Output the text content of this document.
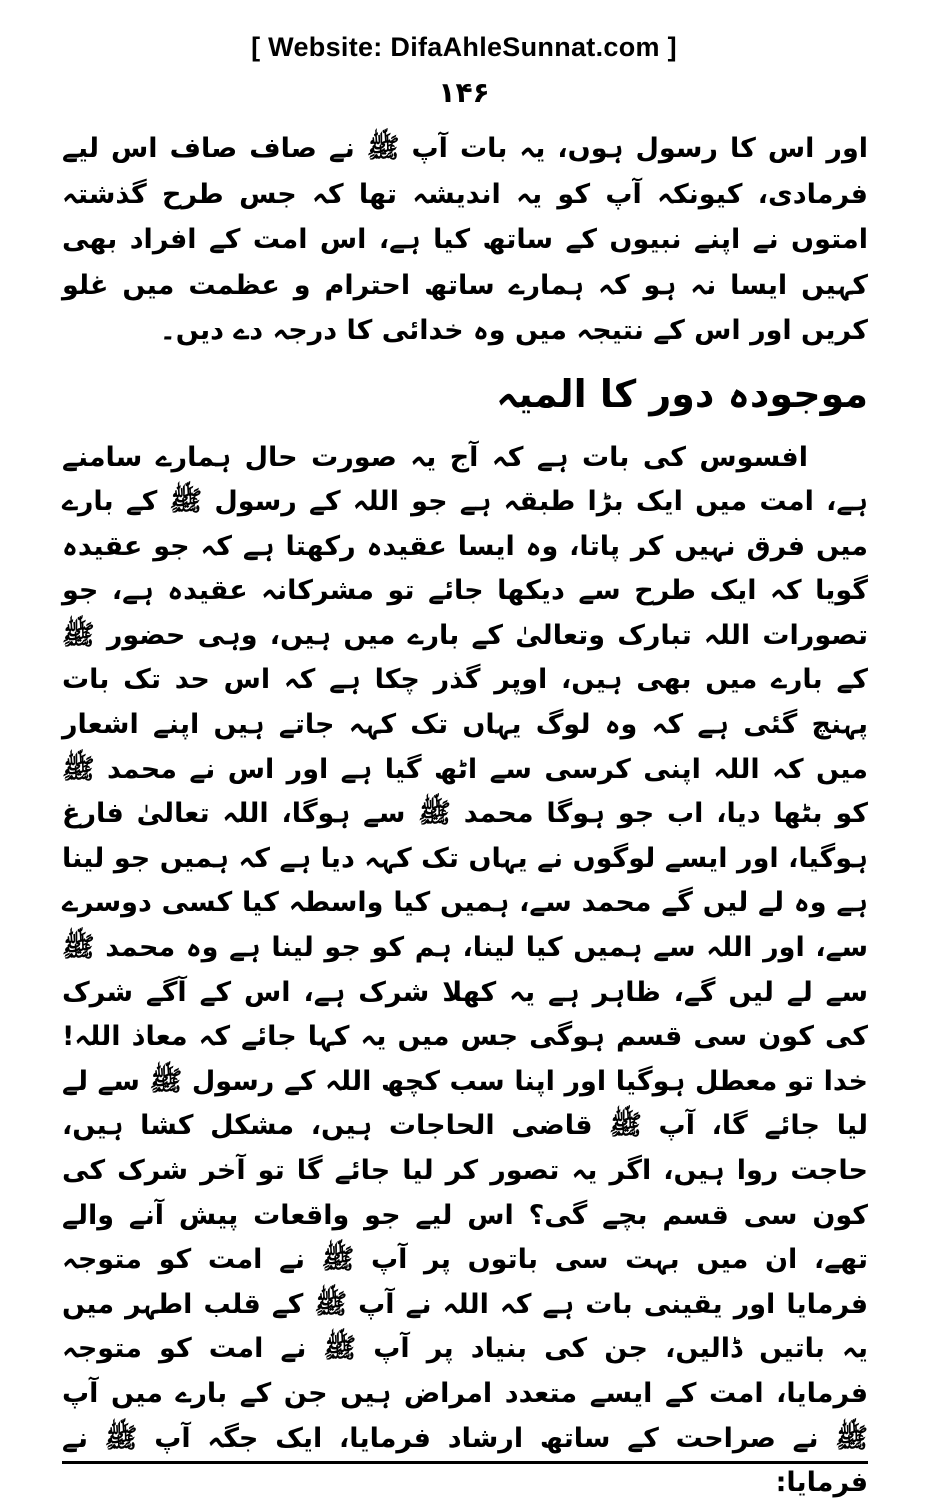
[ Website: DifaAhleSunnat.com ]
۱۴۶

اور اس کا رسول ہوں، یہ بات آپ ﷺ نے صاف صاف اس لیے فرمادی، کیونکہ آپ کو یہ اندیشہ تھا کہ جس طرح گذشتہ امتوں نے اپنے نبیوں کے ساتھ کیا ہے، اس امت کے افراد بھی کہیں ایسا نہ ہو کہ ہمارے ساتھ احترام و عظمت میں غلو کریں اور اس کے نتیجہ میں وہ خدائی کا درجہ دے دیں۔

موجودہ دور کا المیہ

افسوس کی بات ہے کہ آج یہ صورت حال ہمارے سامنے ہے، امت میں ایک بڑا طبقہ ہے جو اللہ کے رسول ﷺ کے بارے میں فرق نہیں کر پاتا، وہ ایسا عقیدہ رکھتا ہے کہ جو عقیدہ گویا کہ ایک طرح سے دیکھا جائے تو مشرکانہ عقیدہ ہے، جو تصورات اللہ تبارک وتعالیٰ کے بارے میں ہیں، وہی حضور ﷺ کے بارے میں بھی ہیں، اوپر گذر چکا ہے کہ اس حد تک بات پہنچ گئی ہے کہ وہ لوگ یہاں تک کہہ جاتے ہیں اپنے اشعار میں کہ اللہ اپنی کرسی سے اٹھ گیا ہے اور اس نے محمد ﷺ کو بٹھا دیا، اب جو ہوگا محمد ﷺ سے ہوگا، اللہ تعالیٰ فارغ ہوگیا، اور ایسے لوگوں نے یہاں تک کہہ دیا ہے کہ ہمیں جو لینا ہے وہ لے لیں گے محمد سے، ہمیں کیا واسطہ کیا کسی دوسرے سے، اور اللہ سے ہمیں کیا لینا، ہم کو جو لینا ہے وہ محمد ﷺ سے لے لیں گے، ظاہر ہے یہ کھلا شرک ہے، اس کے آگے شرک کی کون سی قسم ہوگی جس میں یہ کہا جائے کہ معاذ اللہ! خدا تو معطل ہوگیا اور اپنا سب کچھ اللہ کے رسول ﷺ سے لے لیا جائے گا، آپ ﷺ قاضی الحاجات ہیں، مشکل کشا ہیں، حاجت روا ہیں، اگر یہ تصور کر لیا جائے گا تو آخر شرک کی کون سی قسم بچے گی؟ اس لیے جو واقعات پیش آنے والے تھے، ان میں بہت سی باتوں پر آپ ﷺ نے امت کو متوجہ فرمایا اور یقینی بات ہے کہ اللہ نے آپ ﷺ کے قلب اطہر میں یہ باتیں ڈالیں، جن کی بنیاد پر آپ ﷺ نے امت کو متوجہ فرمایا، امت کے ایسے متعدد امراض ہیں جن کے بارے میں آپ ﷺ نے صراحت کے ساتھ ارشاد فرمایا، ایک جگہ آپ ﷺ نے فرمایا:
